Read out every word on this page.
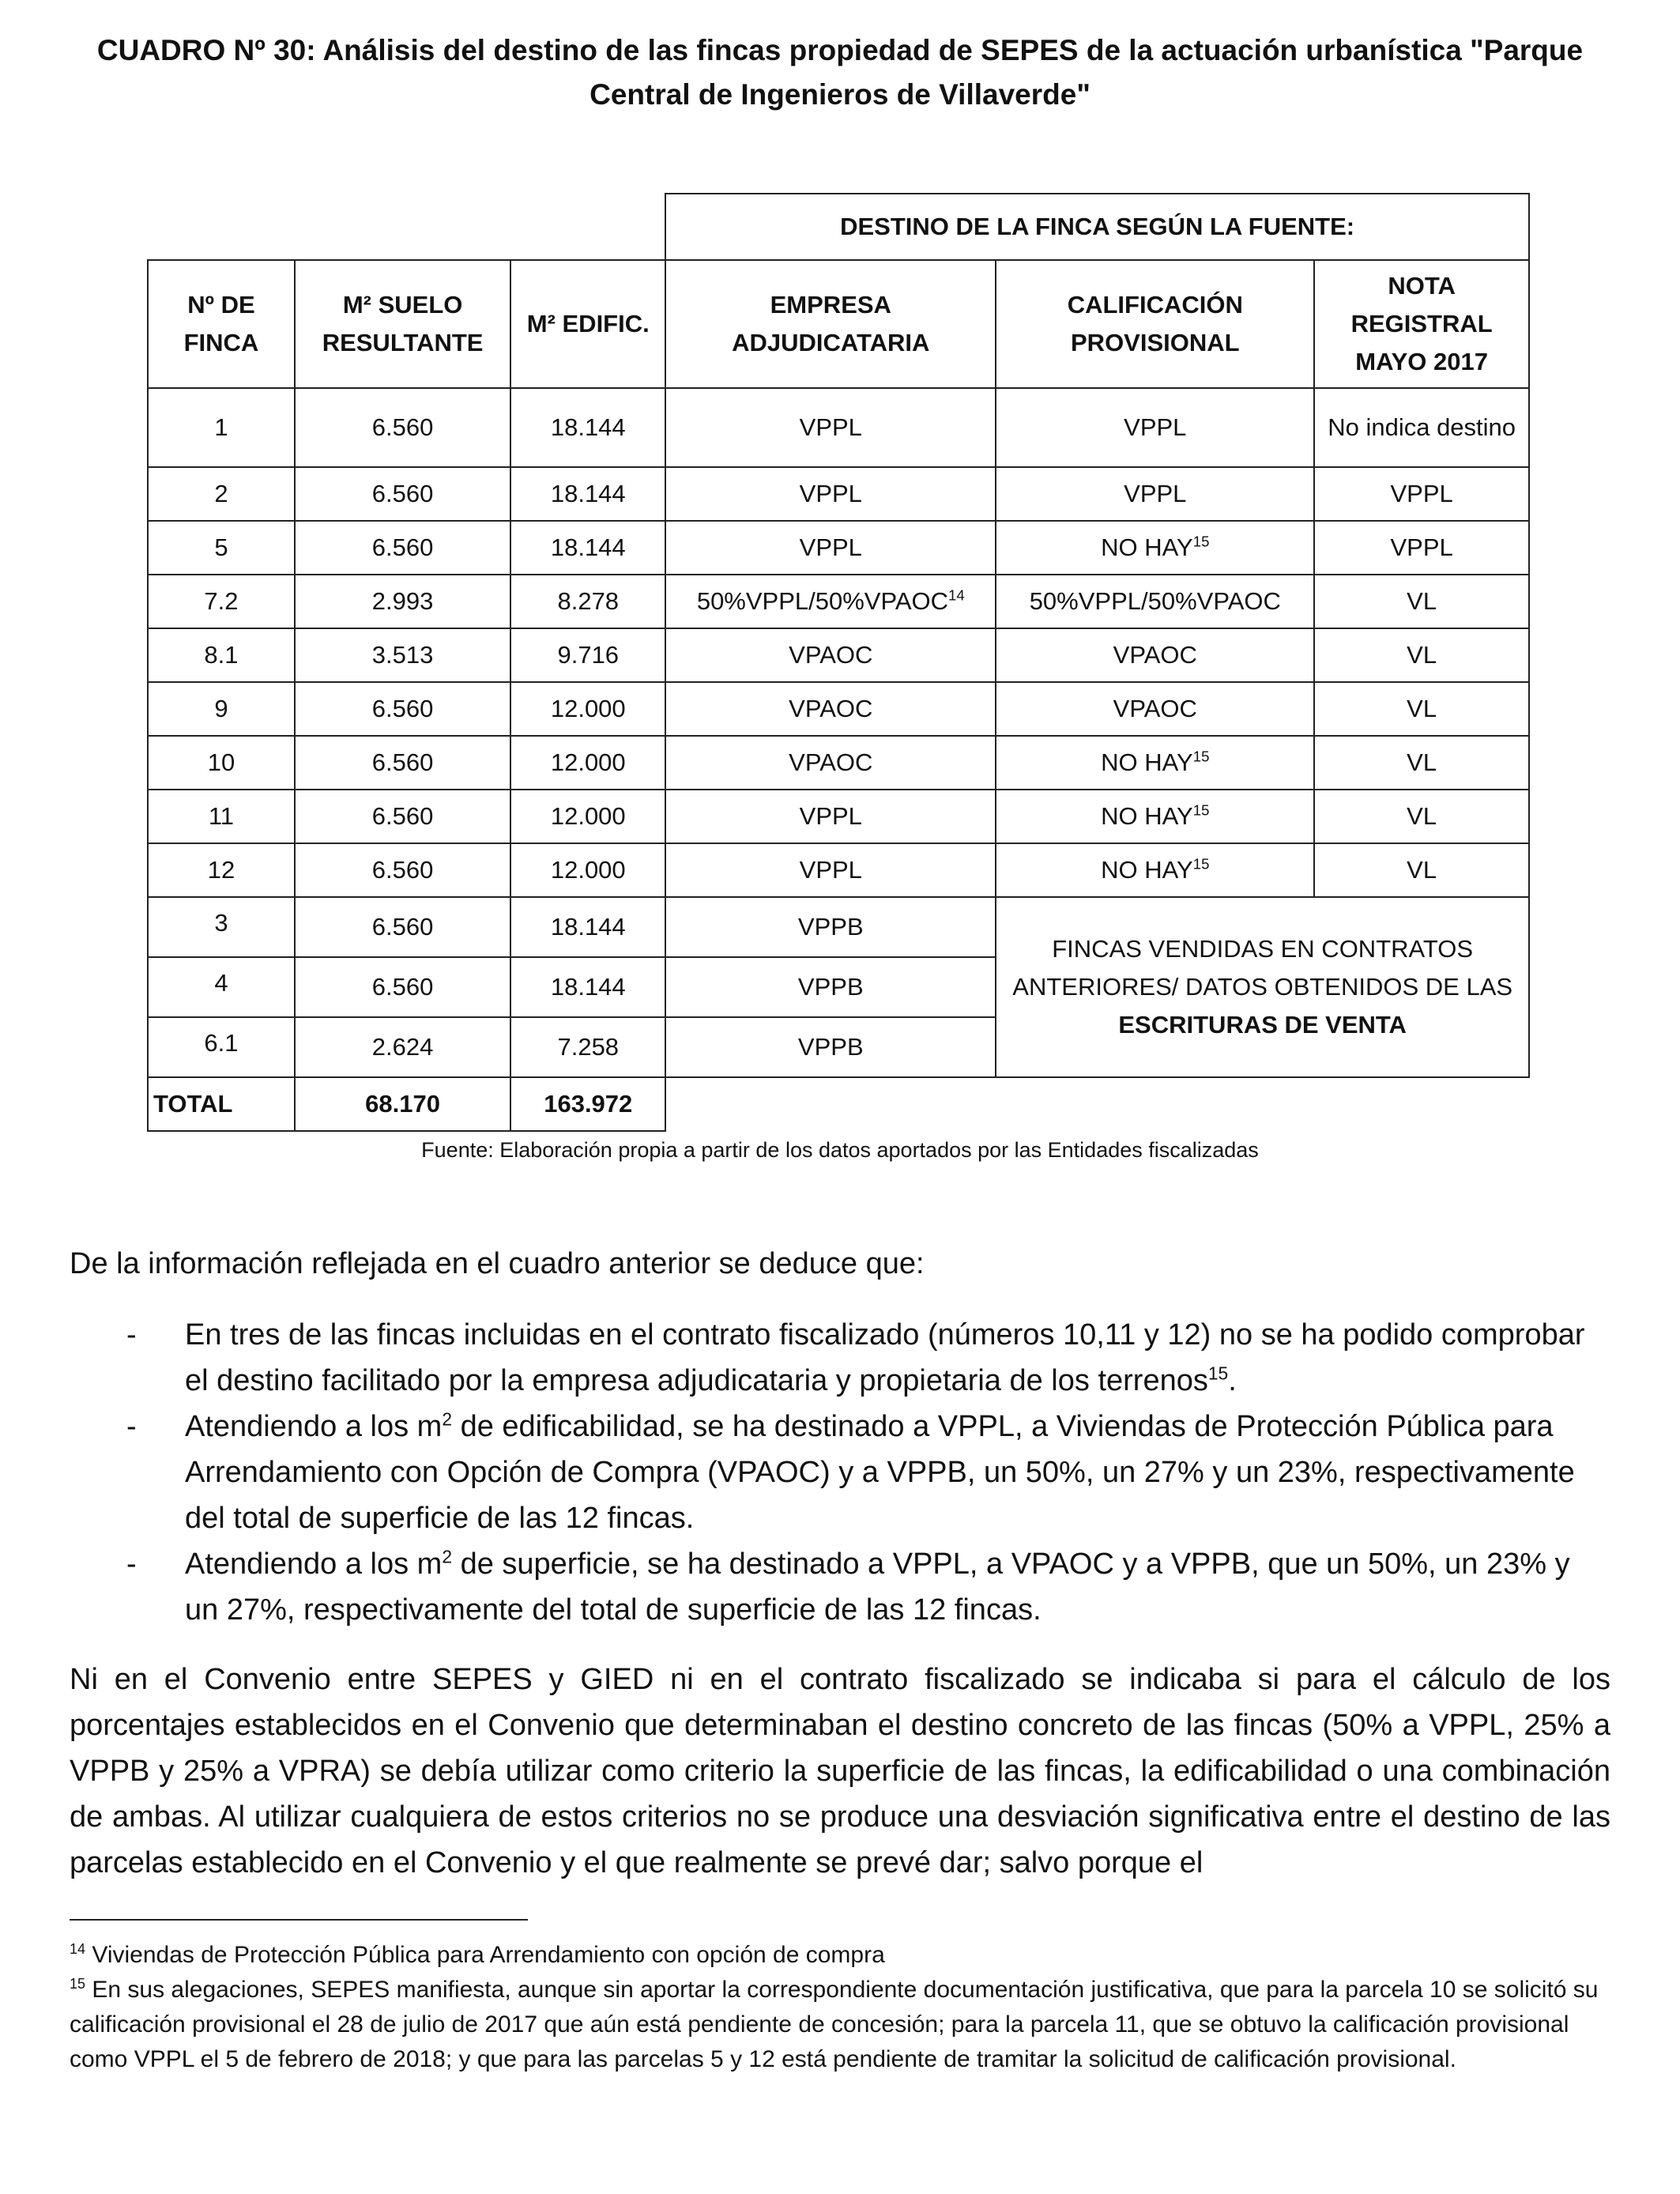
CUADRO Nº 30: Análisis del destino de las fincas propiedad de SEPES de la actuación urbanística "Parque Central de Ingenieros de Villaverde"
			DESTINO DE LA FINCA SEGÚN LA FUENTE:		
Nº DE FINCA	M² SUELO RESULTANTE	M² EDIFIC.	EMPRESA ADJUDICATARIA	CALIFICACIÓN PROVISIONAL	NOTA REGISTRAL MAYO 2017
1	6.560	18.144	VPPL	VPPL	No indica destino
2	6.560	18.144	VPPL	VPPL	VPPL
5	6.560	18.144	VPPL	NO HAY$^{15}$	VPPL
7.2	2.993	8.278	50%VPPL/50%VPAOC$^{14}$	50%VPPL/50%VPAOC	VL
8.1	3.513	9.716	VPAOC	VPAOC	VL
9	6.560	12.000	VPAOC	VPAOC	VL
10	6.560	12.000	VPAOC	NO HAY$^{15}$	VL
11	6.560	12.000	VPPL	NO HAY$^{15}$	VL
12	6.560	12.000	VPPL	NO HAY$^{15}$	VL
3	6.560	18.144	VPPB	FINCAS VENDIDAS EN CONTRATOS
ANTERIORES/ DATOS OBTENIDOS DE LAS
ESCRITURAS DE VENTA	

4	6.560	18.144	VPPB		
6.1	2.624	7.258	VPPB		
TOTAL	68.170	163.972			
Fuente: Elaboración propia a partir de los datos aportados por las Entidades fiscalizadas
De la información reflejada en el cuadro anterior se deduce que:
- En tres de las fincas incluidas en el contrato fiscalizado (números 10,11 y 12) no se ha podido comprobar el destino facilitado por la empresa adjudicataria y propietaria de los terrenos$^{15}$.
- Atendiendo a los $m^2$ de edificabilidad, se ha destinado a VPPL, a Viviendas de Protección Pública para Arrendamiento con Opción de Compra (VPAOC) y a VPPB, un 50%, un 27% y un 23%, respectivamente del total de superficie de las 12 fincas.
- Atendiendo a los $m^2$ de superficie, se ha destinado a VPPL, a VPAOC y a VPPB, que un 50%, un 23% y un 27%, respectivamente del total de superficie de las 12 fincas.
Ni en el Convenio entre SEPES y GIED ni en el contrato fiscalizado se indicaba si para el cálculo de los porcentajes establecidos en el Convenio que determinaban el destino concreto de las fincas (50% a VPPL, 25% a VPPB y 25% a VPRA) se debía utilizar como criterio la superficie de las fincas, la edificabilidad o una combinación de ambas. Al utilizar cualquiera de estos criterios no se produce una desviación significativa entre el destino de las parcelas establecido en el Convenio y el que realmente se prevé dar; salvo porque el

$^{14}$ Viviendas de Protección Pública para Arrendamiento con opción de compra

$^{15}$ En sus alegaciones, SEPES manifiesta, aunque sin aportar la correspondiente documentación justificativa, que para la parcela 10 se solicitó su calificación provisional el 28 de julio de 2017 que aún está pendiente de concesión; para la parcela 11, que se obtuvo la calificación provisional como VPPL el 5 de febrero de 2018; y que para las parcelas 5 y 12 está pendiente de tramitar la solicitud de calificación provisional.
